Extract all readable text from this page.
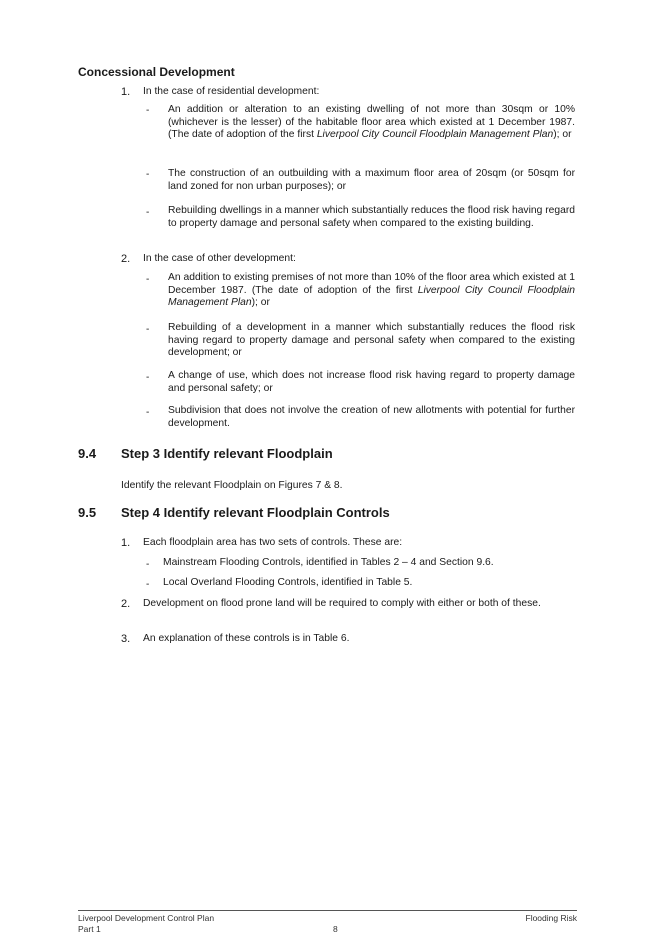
Concessional Development
1. In the case of residential development:
- An addition or alteration to an existing dwelling of not more than 30sqm or 10% (whichever is the lesser) of the habitable floor area which existed at 1 December 1987. (The date of adoption of the first Liverpool City Council Floodplain Management Plan); or

- The construction of an outbuilding with a maximum floor area of 20sqm (or 50sqm for land zoned for non urban purposes); or

- Rebuilding dwellings in a manner which substantially reduces the flood risk having regard to property damage and personal safety when compared to the existing building.

2. In the case of other development:
- An addition to existing premises of not more than 10% of the floor area which existed at 1 December 1987. (The date of adoption of the first Liverpool City Council Floodplain Management Plan); or

- Rebuilding of a development in a manner which substantially reduces the flood risk having regard to property damage and personal safety when compared to the existing development; or

- A change of use, which does not increase flood risk having regard to property damage and personal safety; or

- Subdivision that does not involve the creation of new allotments with potential for further development.

9.4 Step 3 Identify relevant Floodplain
Identify the relevant Floodplain on Figures 7 & 8.
9.5 Step 4 Identify relevant Floodplain Controls
1. Each floodplain area has two sets of controls. These are:
- Mainstream Flooding Controls, identified in Tables 2 – 4 and Section 9.6.
- Local Overland Flooding Controls, identified in Table 5.
2. Development on flood prone land will be required to comply with either or both of these.
3. An explanation of these controls is in Table 6.
Liverpool Development Control Plan
Part 1	8
Flooding Risk
